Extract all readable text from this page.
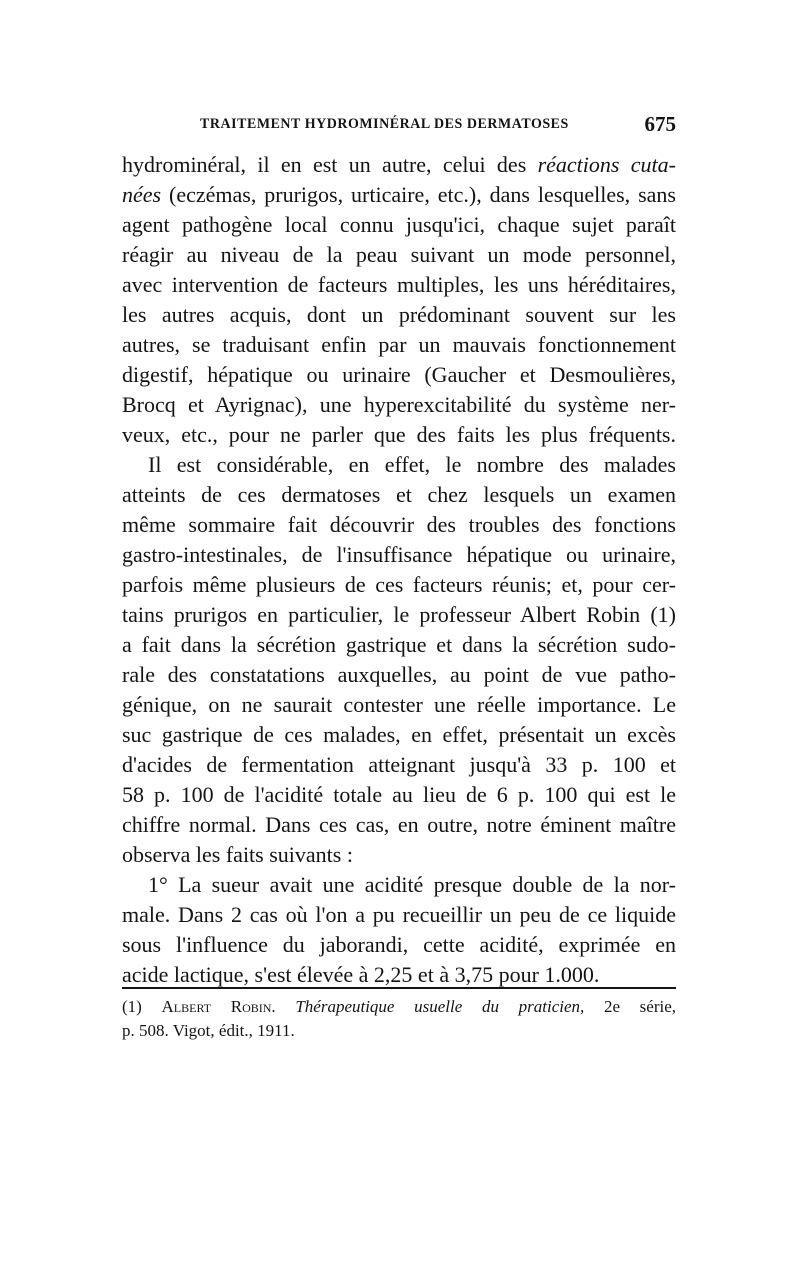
TRAITEMENT HYDROMINÉRAL DES DERMATOSES	675
hydrominéral, il en est un autre, celui des réactions cuta-
nées (eczémas, prurigos, urticaire, etc.), dans lesquelles, sans
agent pathogène local connu jusqu'ici, chaque sujet paraît
réagir au niveau de la peau suivant un mode personnel,
avec intervention de facteurs multiples, les uns héréditaires,
les autres acquis, dont un prédominant souvent sur les
autres, se traduisant enfin par un mauvais fonctionnement
digestif, hépatique ou urinaire (Gaucher et Desmoulières,
Brocq et Ayrignac), une hyperexcitabilité du système ner-
veux, etc., pour ne parler que des faits les plus fréquents.
Il est considérable, en effet, le nombre des malades
atteints de ces dermatoses et chez lesquels un examen
même sommaire fait découvrir des troubles des fonctions
gastro-intestinales, de l'insuffisance hépatique ou urinaire,
parfois même plusieurs de ces facteurs réunis; et, pour cer-
tains prurigos en particulier, le professeur Albert Robin (1)
a fait dans la sécrétion gastrique et dans la sécrétion sudo-
rale des constatations auxquelles, au point de vue patho-
génique, on ne saurait contester une réelle importance. Le
suc gastrique de ces malades, en effet, présentait un excès
d'acides de fermentation atteignant jusqu'à 33 p. 100 et
58 p. 100 de l'acidité totale au lieu de 6 p. 100 qui est le
chiffre normal. Dans ces cas, en outre, notre éminent maître
observa les faits suivants :
1° La sueur avait une acidité presque double de la nor-
male. Dans 2 cas où l'on a pu recueillir un peu de ce liquide
sous l'influence du jaborandi, cette acidité, exprimée en
acide lactique, s'est élevée à 2,25 et à 3,75 pour 1.000.
(1) Albert Robin. Thérapeutique usuelle du praticien, 2e série,
p. 508. Vigot, édit., 1911.
